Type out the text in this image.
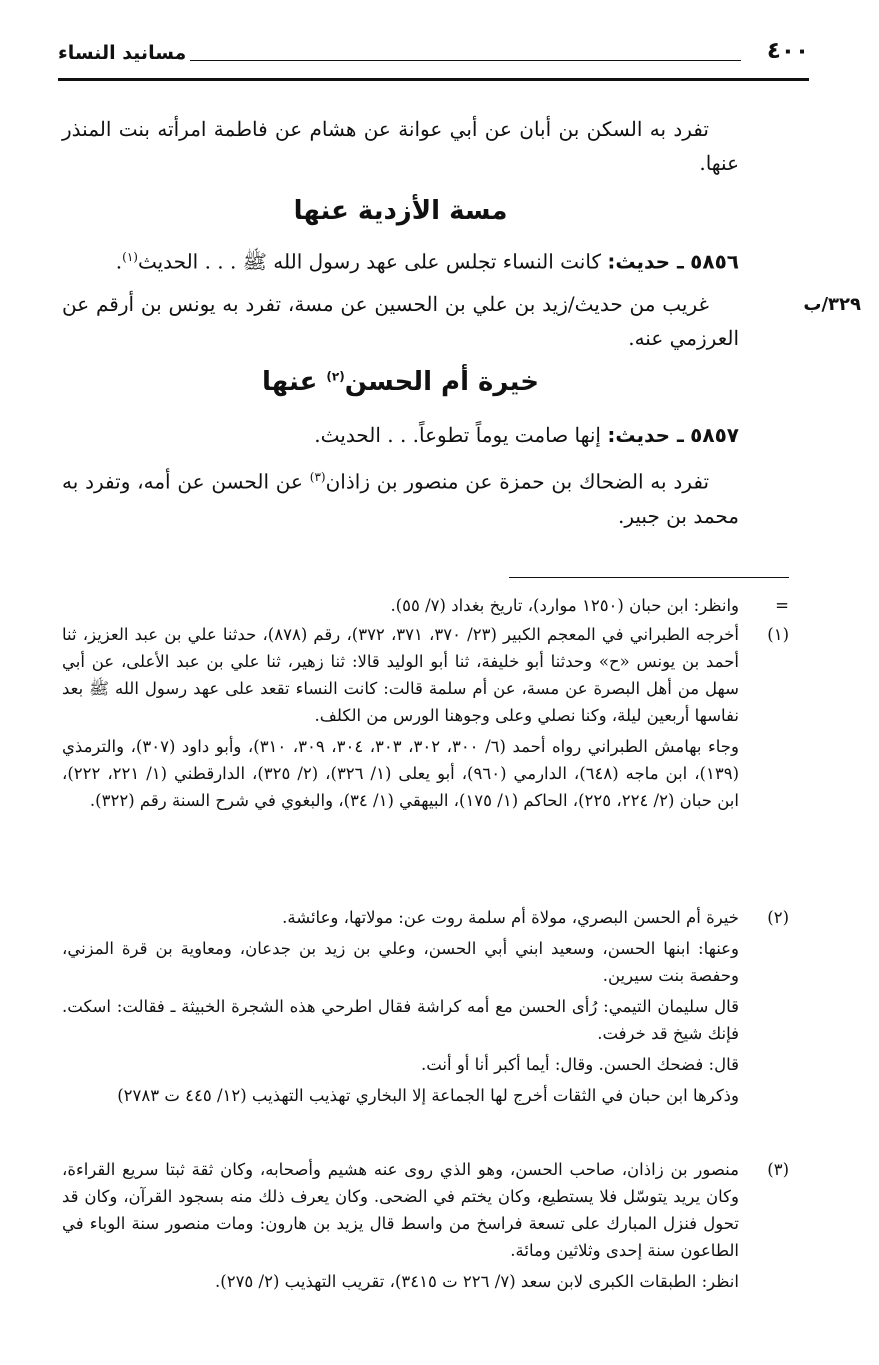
٤٠٠
مسانيد النساء
تفرد به السكن بن أبان عن أبي عوانة عن هشام عن فاطمة امرأته بنت المنذر عنها.
مسة الأزدية عنها
٥٨٥٦ ـ حديث: كانت النساء تجلس على عهد رسول الله ﷺ . . . الحديث$^{(١)}$.
٣٢٩/ب
غريب من حديث/زيد بن علي بن الحسين عن مسة، تفرد به يونس بن أرقم عن العرزمي عنه.
خيرة أم الحسن$^{(٢)}$ عنها
٥٨٥٧ ـ حديث: إنها صامت يوماً تطوعاً. . . الحديث.
تفرد به الضحاك بن حمزة عن منصور بن زاذان$^{(٣)}$ عن الحسن عن أمه، وتفرد به محمد بن جبير.
=

وانظر: ابن حبان (١٢٥٠ موارد)، تاريخ بغداد (٧/ ٥٥).

(١)

أخرجه الطبراني في المعجم الكبير (٢٣/ ٣٧٠، ٣٧١، ٣٧٢)، رقم (٨٧٨)، حدثنا علي بن عبد العزيز، ثنا أحمد بن يونس «ح» وحدثنا أبو خليفة، ثنا أبو الوليد قالا: ثنا زهير، ثنا علي بن عبد الأعلى، عن أبي سهل من أهل البصرة عن مسة، عن أم سلمة قالت: كانت النساء تقعد على عهد رسول الله ﷺ بعد نفاسها أربعين ليلة، وكنا نصلي وعلى وجوهنا الورس من الكلف.

وجاء بهامش الطبراني رواه أحمد (٦/ ٣٠٠، ٣٠٢، ٣٠٣، ٣٠٤، ٣٠٩، ٣١٠)، وأبو داود (٣٠٧)، والترمذي (١٣٩)، ابن ماجه (٦٤٨)، الدارمي (٩٦٠)، أبو يعلى (١/ ٣٢٦)، (٢/ ٣٢٥)، الدارقطني (١/ ٢٢١، ٢٢٢)، ابن حبان (٢/ ٢٢٤، ٢٢٥)، الحاكم (١/ ١٧٥)، البيهقي (١/ ٣٤)، والبغوي في شرح السنة رقم (٣٢٢).

(٢)

خيرة أم الحسن البصري، مولاة أم سلمة روت عن: مولاتها، وعائشة.

وعنها: ابنها الحسن، وسعيد ابني أبي الحسن، وعلي بن زيد بن جدعان، ومعاوية بن قرة المزني، وحفصة بنت سيرين.

قال سليمان التيمي: رُأى الحسن مع أمه كراشة فقال اطرحي هذه الشجرة الخبيثة ـ فقالت: اسكت. فإنك شيخ قد خرفت.

قال: فضحك الحسن. وقال: أيما أكبر أنا أو أنت.

وذكرها ابن حبان في الثقات أخرج لها الجماعة إلا البخاري تهذيب التهذيب (١٢/ ٤٤٥ ت ٢٧٨٣)

(٣)

منصور بن زاذان، صاحب الحسن، وهو الذي روى عنه هشيم وأصحابه، وكان ثقة ثبتا سريع القراءة، وكان يريد يتوسّل فلا يستطيع، وكان يختم في الضحى. وكان يعرف ذلك منه بسجود القرآن، وكان قد تحول فنزل المبارك على تسعة فراسخ من واسط قال يزيد بن هارون: ومات منصور سنة الوباء في الطاعون سنة إحدى وثلاثين ومائة.

انظر: الطبقات الكبرى لابن سعد (٧/ ٢٢٦ ت ٣٤١٥)، تقريب التهذيب (٢/ ٢٧٥).
